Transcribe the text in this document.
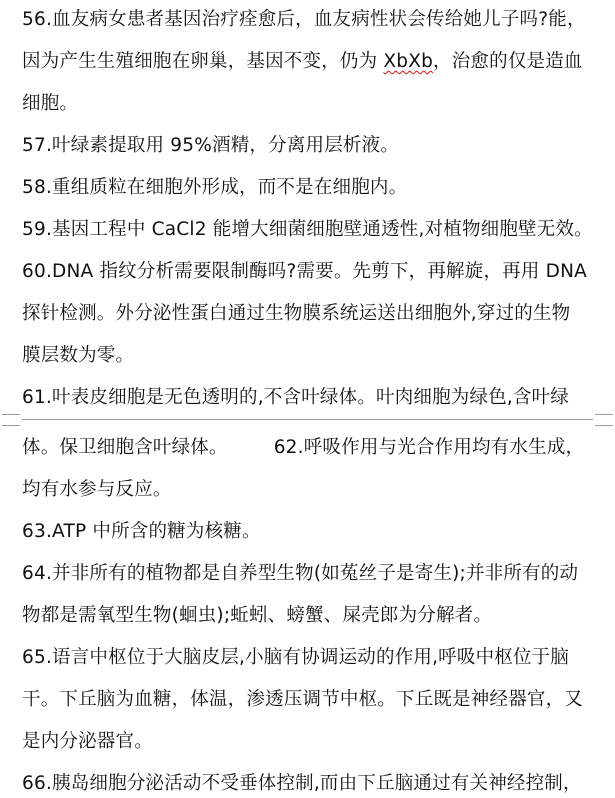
56.血友病女患者基因治疗痊愈后，血友病性状会传给她儿子吗?能，
因为产生生殖细胞在卵巢，基因不变，仍为 XbXb，治愈的仅是造血
细胞。
57.叶绿素提取用 95%酒精，分离用层析液。
58.重组质粒在细胞外形成，而不是在细胞内。
59.基因工程中 CaCl2 能增大细菌细胞壁通透性,对植物细胞壁无效。
60.DNA 指纹分析需要限制酶吗?需要。先剪下，再解旋，再用 DNA
探针检测。外分泌性蛋白通过生物膜系统运送出细胞外,穿过的生物
膜层数为零。
61.叶表皮细胞是无色透明的,不含叶绿体。叶肉细胞为绿色,含叶绿
体。保卫细胞含叶绿体。 62.呼吸作用与光合作用均有水生成，
均有水参与反应。
63.ATP 中所含的糖为核糖。
64.并非所有的植物都是自养型生物(如菟丝子是寄生);并非所有的动
物都是需氧型生物(蛔虫);蚯蚓、螃蟹、屎壳郎为分解者。
65.语言中枢位于大脑皮层,小脑有协调运动的作用,呼吸中枢位于脑
干。下丘脑为血糖，体温，渗透压调节中枢。下丘既是神经器官，又
是内分泌器官。
66.胰岛细胞分泌活动不受垂体控制,而由下丘脑通过有关神经控制，
